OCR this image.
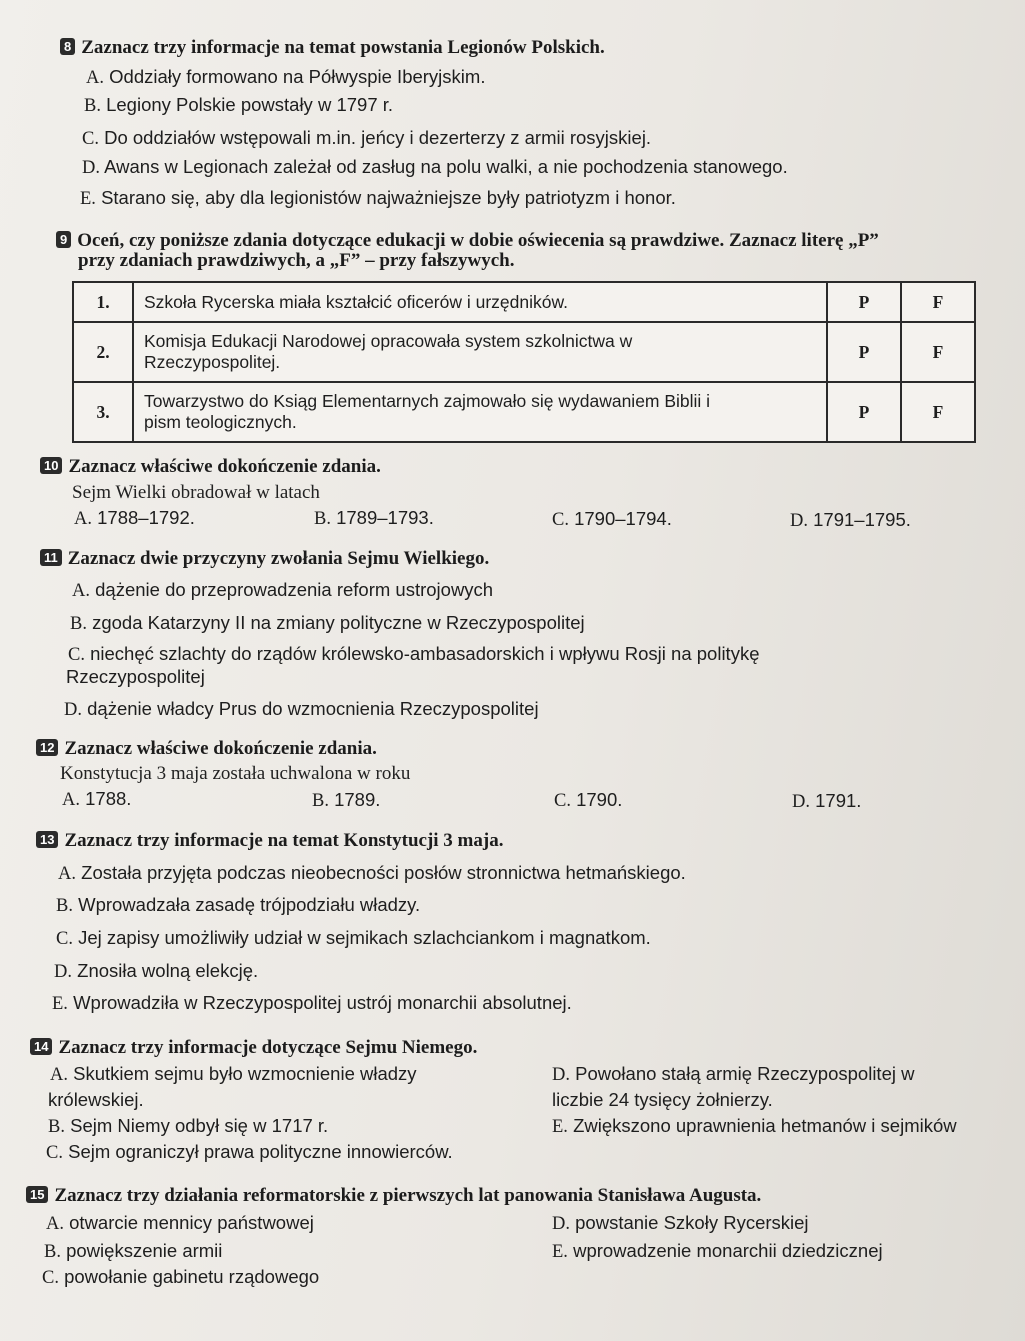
8 Zaznacz trzy informacje na temat powstania Legionów Polskich.
A. Oddziały formowano na Półwyspie Iberyjskim.
B. Legiony Polskie powstały w 1797 r.
C. Do oddziałów wstępowali m.in. jeńcy i dezerterzy z armii rosyjskiej.
D. Awans w Legionach zależał od zasług na polu walki, a nie pochodzenia stanowego.
E. Starano się, aby dla legionistów najważniejsze były patriotyzm i honor.
9 Oceń, czy poniższe zdania dotyczące edukacji w dobie oświecenia są prawdziwe. Zaznacz literę „P”
przy zdaniach prawdziwych, a „F” – przy fałszywych.
1.	Szkoła Rycerska miała kształcić oficerów i urzędników.	P	F
2.	Komisja Edukacji Narodowej opracowała system szkolnictwa w
Rzeczypospolitej.	P	F
3.	Towarzystwo do Ksiąg Elementarnych zajmowało się wydawaniem Biblii i
pism teologicznych.	P	F
10 Zaznacz właściwe dokończenie zdania.
Sejm Wielki obradował w latach
A. 1788–1792.	B. 1789–1793.	C. 1790–1794.	D. 1791–1795.
11 Zaznacz dwie przyczyny zwołania Sejmu Wielkiego.
A. dążenie do przeprowadzenia reform ustrojowych
B. zgoda Katarzyny II na zmiany polityczne w Rzeczypospolitej
C. niechęć szlachty do rządów królewsko-ambasadorskich i wpływu Rosji na politykę
Rzeczypospolitej
D. dążenie władcy Prus do wzmocnienia Rzeczypospolitej
12 Zaznacz właściwe dokończenie zdania.
Konstytucja 3 maja została uchwalona w roku
A. 1788.	B. 1789.	C. 1790.	D. 1791.
13 Zaznacz trzy informacje na temat Konstytucji 3 maja.
A. Została przyjęta podczas nieobecności posłów stronnictwa hetmańskiego.
B. Wprowadzała zasadę trójpodziału władzy.
C. Jej zapisy umożliwiły udział w sejmikach szlachciankom i magnatkom.
D. Znosiła wolną elekcję.
E. Wprowadziła w Rzeczypospolitej ustrój monarchii absolutnej.
14 Zaznacz trzy informacje dotyczące Sejmu Niemego.
A. Skutkiem sejmu było wzmocnienie władzy
królewskiej.
B. Sejm Niemy odbył się w 1717 r.
C. Sejm ograniczył prawa polityczne innowierców.
D. Powołano stałą armię Rzeczypospolitej w
liczbie 24 tysięcy żołnierzy.
E. Zwiększono uprawnienia hetmanów i sejmików
15 Zaznacz trzy działania reformatorskie z pierwszych lat panowania Stanisława Augusta.
A. otwarcie mennicy państwowej
B. powiększenie armii
C. powołanie gabinetu rządowego
D. powstanie Szkoły Rycerskiej
E. wprowadzenie monarchii dziedzicznej
